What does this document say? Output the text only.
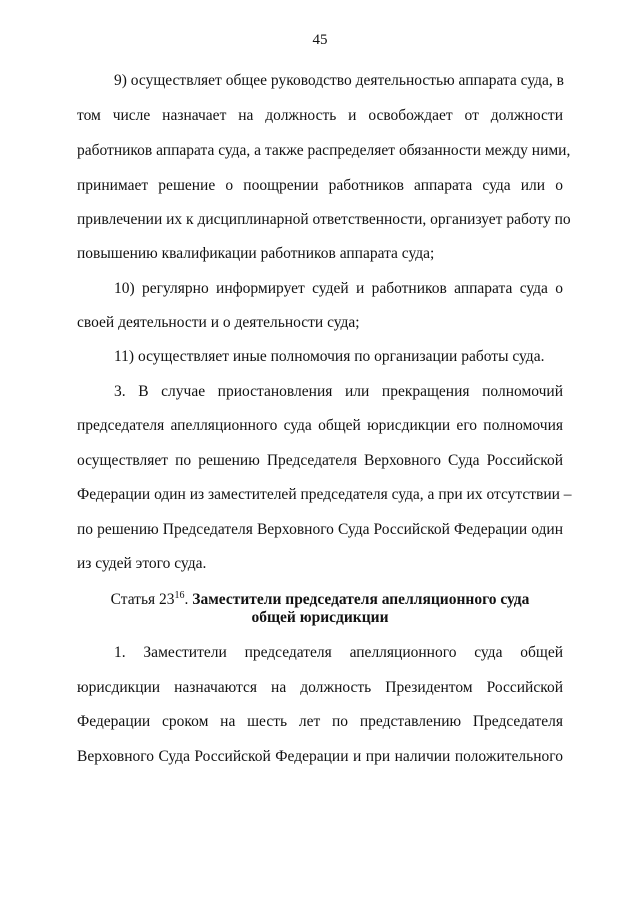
45
9) осуществляет общее руководство деятельностью аппарата суда, в
том числе назначает на должность и освобождает от должности
работников аппарата суда, а также распределяет обязанности между ними,
принимает решение о поощрении работников аппарата суда или о
привлечении их к дисциплинарной ответственности, организует работу по
повышению квалификации работников аппарата суда;
10) регулярно информирует судей и работников аппарата суда о
своей деятельности и о деятельности суда;
11) осуществляет иные полномочия по организации работы суда.
3. В случае приостановления или прекращения полномочий
председателя апелляционного суда общей юрисдикции его полномочия
осуществляет по решению Председателя Верховного Суда Российской
Федерации один из заместителей председателя суда, а при их отсутствии –
по решению Председателя Верховного Суда Российской Федерации один
из судей этого суда.
Статья $23^{16}$. Заместители председателя апелляционного суда
общей юрисдикции
1. Заместители председателя апелляционного суда общей
юрисдикции назначаются на должность Президентом Российской
Федерации сроком на шесть лет по представлению Председателя
Верховного Суда Российской Федерации и при наличии положительного
